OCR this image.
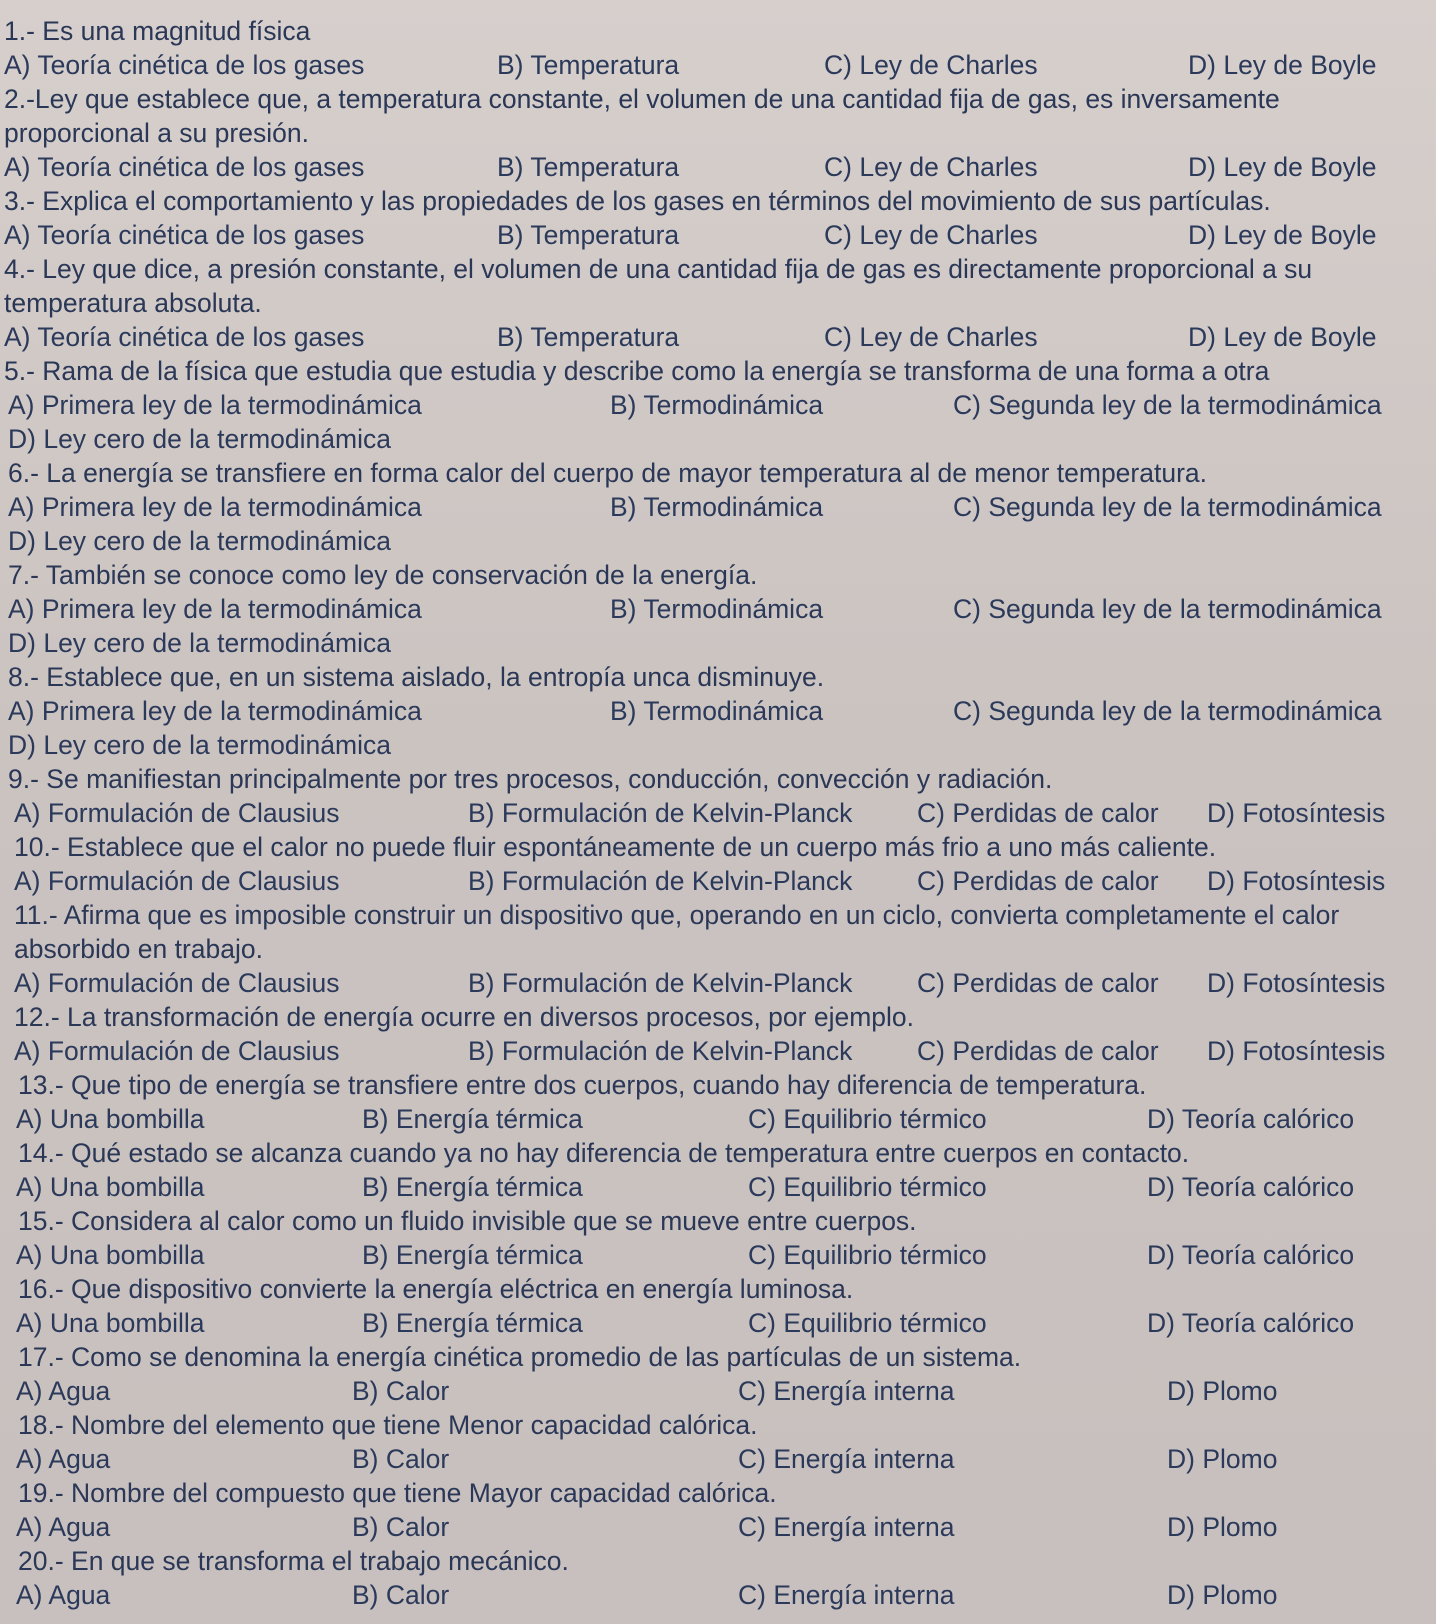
1.- Es una magnitud física

A) Teoría cinética de los gases	B) Temperatura	C) Ley de Charles	D) Ley de Boyle

2.-Ley que establece que, a temperatura constante, el volumen de una cantidad fija de gas, es inversamente proporcional a su presión.

A) Teoría cinética de los gases	B) Temperatura	C) Ley de Charles	D) Ley de Boyle

3.- Explica el comportamiento y las propiedades de los gases en términos del movimiento de sus partículas.

A) Teoría cinética de los gases	B) Temperatura	C) Ley de Charles	D) Ley de Boyle

4.- Ley que dice, a presión constante, el volumen de una cantidad fija de gas es directamente proporcional a su temperatura absoluta.

A) Teoría cinética de los gases	B) Temperatura	C) Ley de Charles	D) Ley de Boyle

5.- Rama de la física que estudia que estudia y describe como la energía se transforma de una forma a otra

A) Primera ley de la termodinámica	B) Termodinámica	C) Segunda ley de la termodinámica

D) Ley cero de la termodinámica

6.- La energía se transfiere en forma calor del cuerpo de mayor temperatura al de menor temperatura.

A) Primera ley de la termodinámica	B) Termodinámica	C) Segunda ley de la termodinámica

D) Ley cero de la termodinámica

7.- También se conoce como ley de conservación de la energía.

A) Primera ley de la termodinámica	B) Termodinámica	C) Segunda ley de la termodinámica

D) Ley cero de la termodinámica

8.- Establece que, en un sistema aislado, la entropía unca disminuye.

A) Primera ley de la termodinámica	B) Termodinámica	C) Segunda ley de la termodinámica

D) Ley cero de la termodinámica

9.- Se manifiestan principalmente por tres procesos, conducción, convección y radiación.

A) Formulación de Clausius	B) Formulación de Kelvin-Planck C) Perdidas de calor D) Fotosíntesis

10.- Establece que el calor no puede fluir espontáneamente de un cuerpo más frio a uno más caliente.

A) Formulación de Clausius	B) Formulación de Kelvin-Planck C) Perdidas de calor D) Fotosíntesis

11.- Afirma que es imposible construir un dispositivo que, operando en un ciclo, convierta completamente el calor absorbido en trabajo.

A) Formulación de Clausius	B) Formulación de Kelvin-Planck C) Perdidas de calor D) Fotosíntesis

12.- La transformación de energía ocurre en diversos procesos, por ejemplo.

A) Formulación de Clausius	B) Formulación de Kelvin-Planck C) Perdidas de calor D) Fotosíntesis

13.- Que tipo de energía se transfiere entre dos cuerpos, cuando hay diferencia de temperatura.

A) Una bombilla	B) Energía térmica	C) Equilibrio térmico	D) Teoría calórico

14.- Qué estado se alcanza cuando ya no hay diferencia de temperatura entre cuerpos en contacto.

A) Una bombilla	B) Energía térmica	C) Equilibrio térmico	D) Teoría calórico

15.- Considera al calor como un fluido invisible que se mueve entre cuerpos.

A) Una bombilla	B) Energía térmica	C) Equilibrio térmico	D) Teoría calórico

16.- Que dispositivo convierte la energía eléctrica en energía luminosa.

A) Una bombilla	B) Energía térmica	C) Equilibrio térmico	D) Teoría calórico

17.- Como se denomina la energía cinética promedio de las partículas de un sistema.

A) Agua	B) Calor	C) Energía interna	D) Plomo

18.- Nombre del elemento que tiene Menor capacidad calórica.

A) Agua	B) Calor	C) Energía interna	D) Plomo

19.- Nombre del compuesto que tiene Mayor capacidad calórica.

A) Agua	B) Calor	C) Energía interna	D) Plomo

20.- En que se transforma el trabajo mecánico.

A) Agua	B) Calor	C) Energía interna	D) Plomo
